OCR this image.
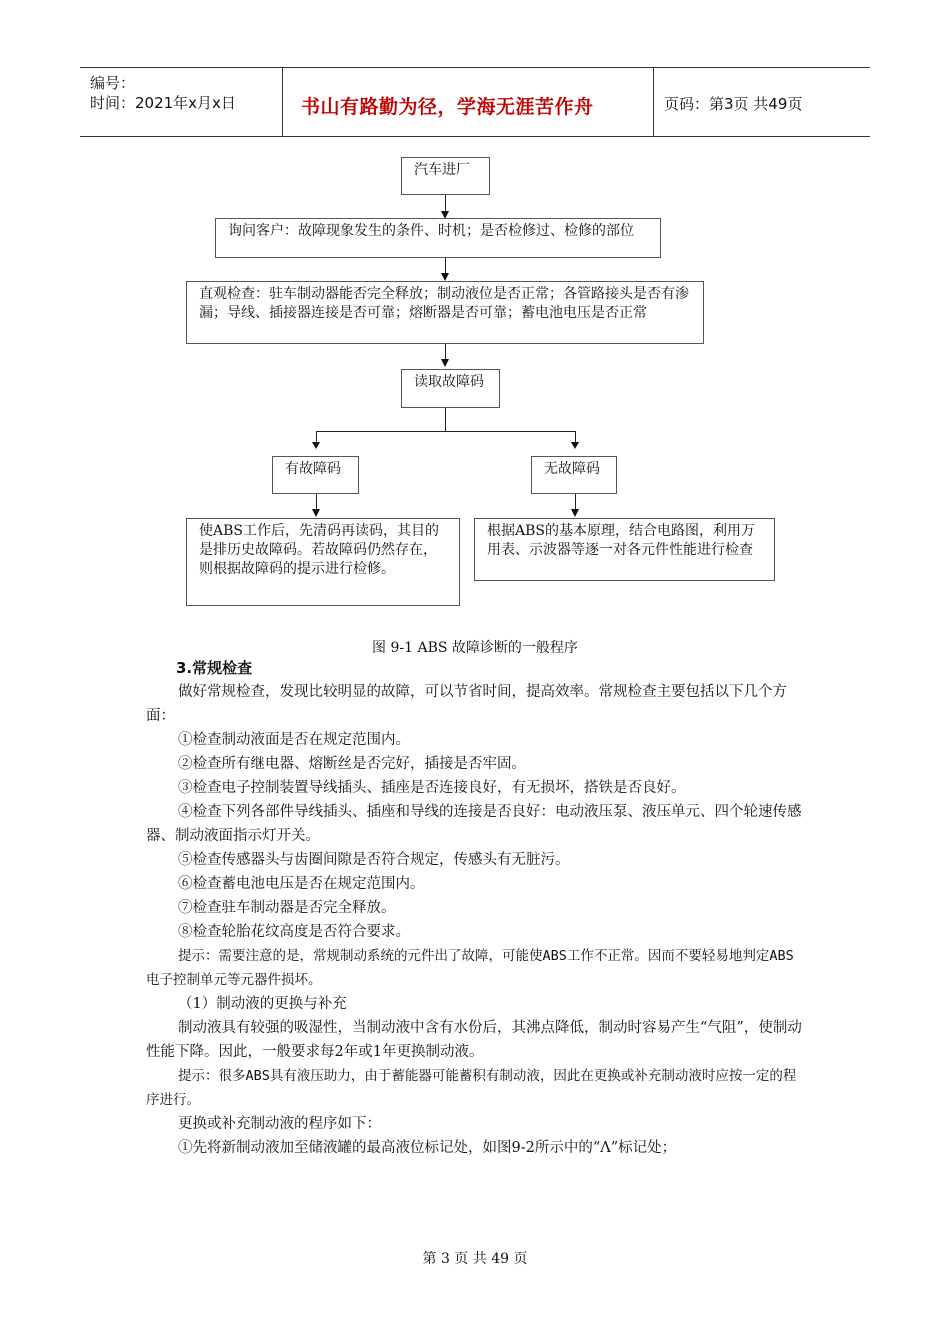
编号：
时间：2021年x月x日	书山有路勤为径，学海无涯苦作舟	页码：第3页 共49页
汽车进厂
询问客户：故障现象发生的条件、时机；是否检修过、检修的部位
直观检查：驻车制动器能否完全释放；制动液位是否正常；各管路接头是否有渗漏；导线、插接器连接是否可靠；熔断器是否可靠；蓄电池电压是否正常
读取故障码
有故障码	无故障码
使ABS工作后，先清码再读码，其目的是排历史故障码。若故障码仍然存在，则根据故障码的提示进行检修。
根据ABS的基本原理，结合电路图，利用万用表、示波器等逐一对各元件性能进行检查
图 9-1 ABS 故障诊断的一般程序

3.常规检查

做好常规检查，发现比较明显的故障，可以节省时间，提高效率。常规检查主要包括以下几个方面：

①检查制动液面是否在规定范围内。

②检查所有继电器、熔断丝是否完好，插接是否牢固。

③检查电子控制装置导线插头、插座是否连接良好，有无损坏，搭铁是否良好。

④检查下列各部件导线插头、插座和导线的连接是否良好：电动液压泵、液压单元、四个轮速传感器、制动液面指示灯开关。

⑤检查传感器头与齿圈间隙是否符合规定，传感头有无脏污。

⑥检查蓄电池电压是否在规定范围内。

⑦检查驻车制动器是否完全释放。

⑧检查轮胎花纹高度是否符合要求。

提示：需要注意的是，常规制动系统的元件出了故障，可能使ABS工作不正常。因而不要轻易地判定ABS电子控制单元等元器件损坏。

（1）制动液的更换与补充

制动液具有较强的吸湿性，当制动液中含有水份后，其沸点降低，制动时容易产生“气阻”，使制动性能下降。因此，一般要求每2年或1年更换制动液。

提示：很多ABS具有液压助力，由于蓄能器可能蓄积有制动液，因此在更换或补充制动液时应按一定的程序进行。

更换或补充制动液的程序如下：

①先将新制动液加至储液罐的最高液位标记处，如图9-2所示中的“Λ”标记处；

第 3 页 共 49 页
